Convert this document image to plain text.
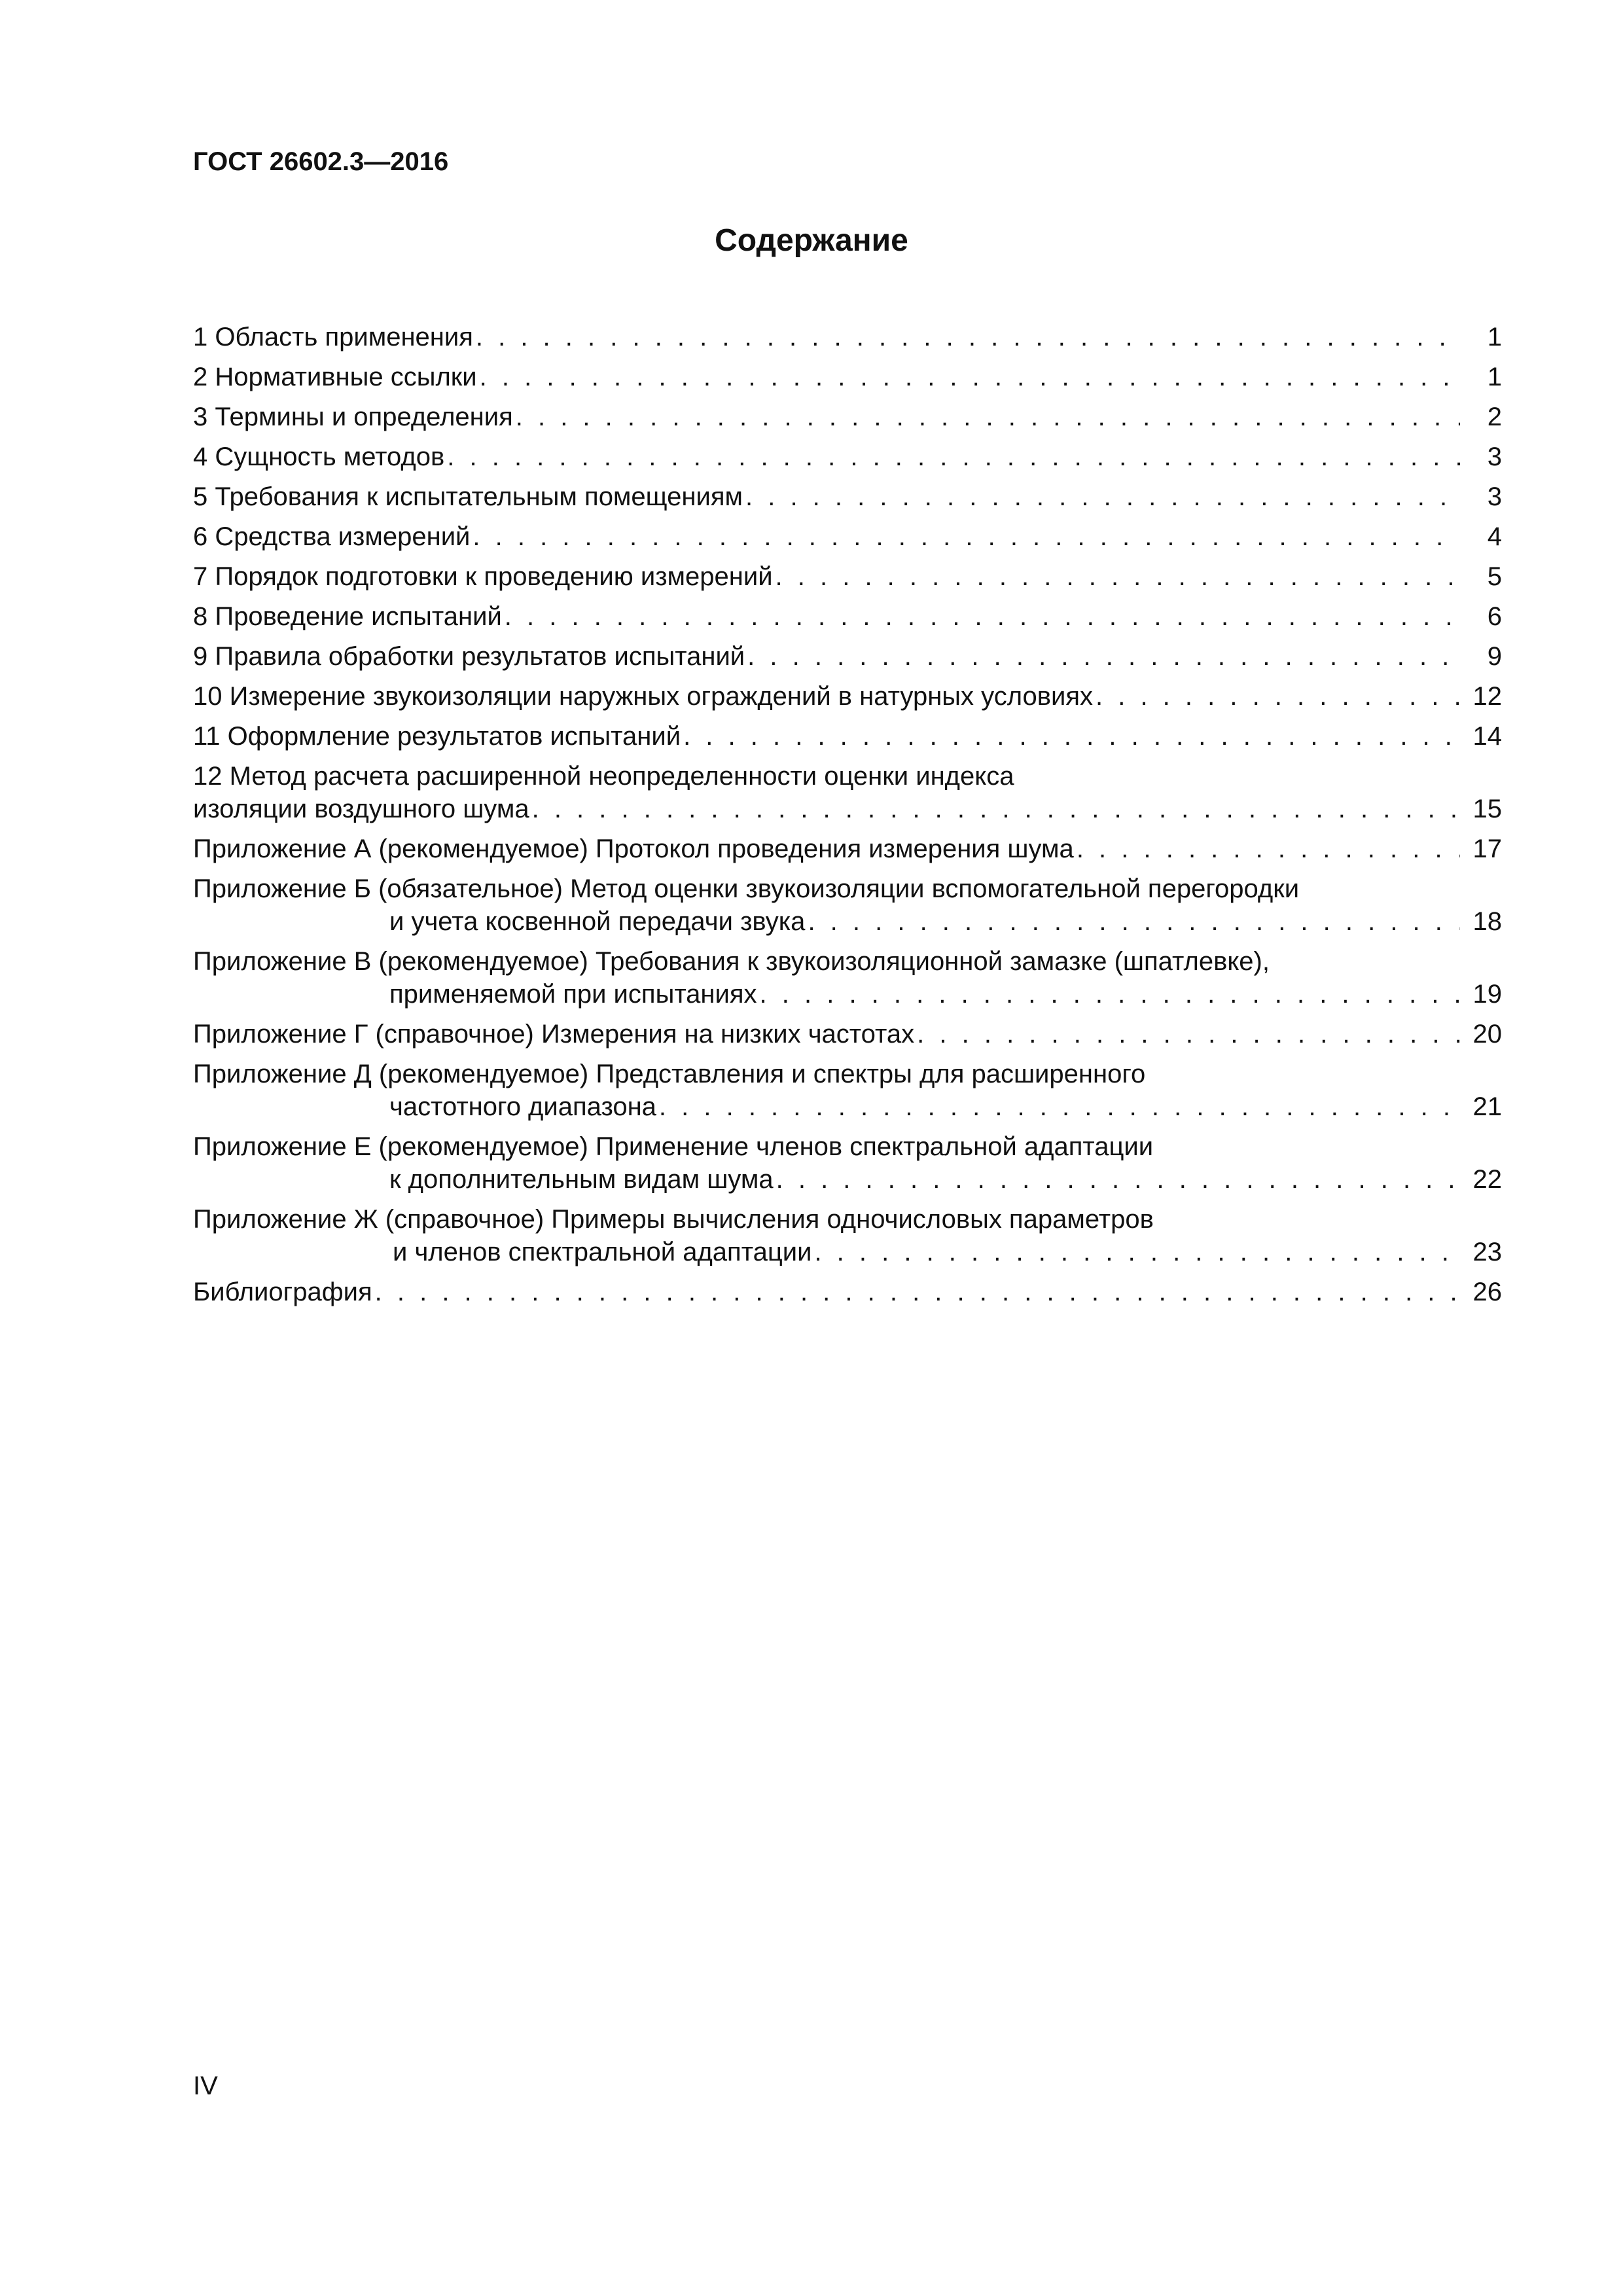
ГОСТ 26602.3—2016
Содержание
1 Область применения . . .	1
2 Нормативные ссылки . . .	1
3 Термины и определения . . .	2
4 Сущность методов . . .	3
5 Требования к испытательным помещениям . . .	3
6 Средства измерений . . .	4
7 Порядок подготовки к проведению измерений . . .	5
8 Проведение испытаний . . .	6
9 Правила обработки результатов испытаний . . .	9
10 Измерение звукоизоляции наружных ограждений в натурных условиях . . .	12
11 Оформление результатов испытаний . . .	14
12 Метод расчета расширенной неопределенности оценки индекса
изоляции воздушного шума . . .	15
Приложение А (рекомендуемое) Протокол проведения измерения шума . . .	17
Приложение Б (обязательное) Метод оценки звукоизоляции вспомогательной перегородки
и учета косвенной передачи звука . . .	18
Приложение В (рекомендуемое) Требования к звукоизоляционной замазке (шпатлевке),
применяемой при испытаниях . . .	19
Приложение Г (справочное) Измерения на низких частотах . . .	20
Приложение Д (рекомендуемое) Представления и спектры для расширенного
частотного диапазона . . .	21
Приложение Е (рекомендуемое) Применение членов спектральной адаптации
к дополнительным видам шума . . .	22
Приложение Ж (справочное) Примеры вычисления одночисловых параметров
и членов спектральной адаптации . . .	23
Библиография . . .	26
IV
